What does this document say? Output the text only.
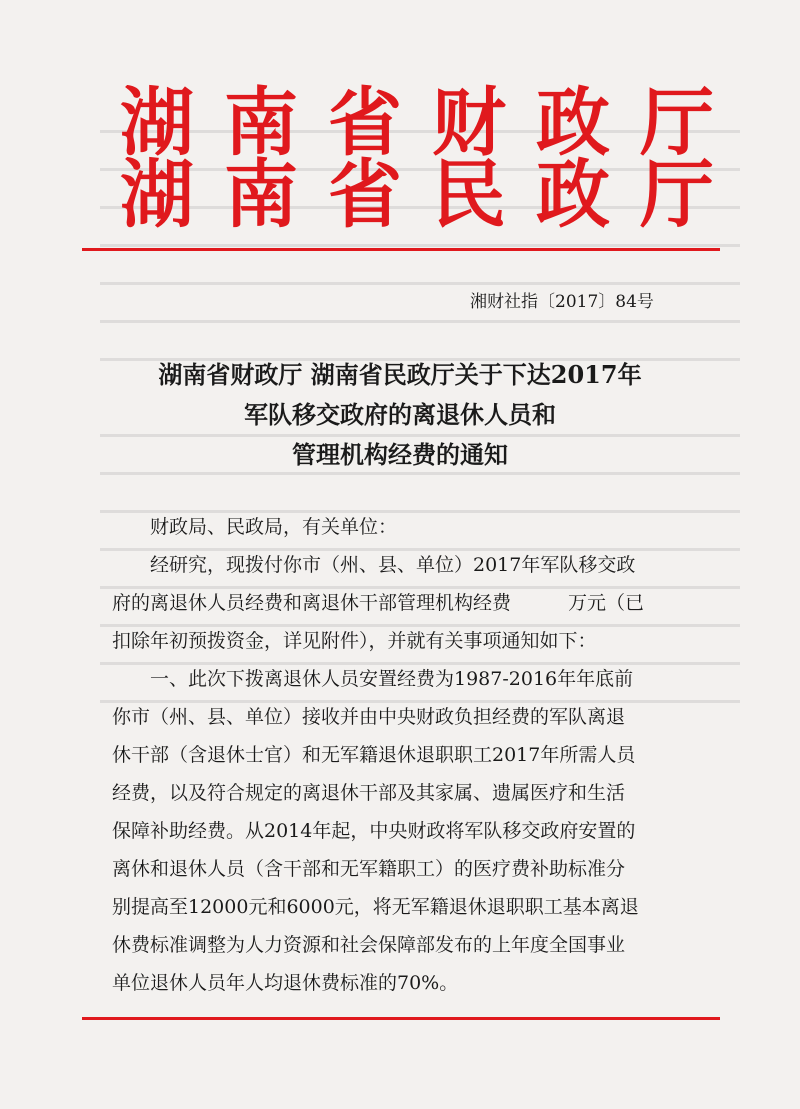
湖南省财政厅
湖南省民政厅
湘财社指〔2017〕84号
湖南省财政厅 湖南省民政厅关于下达2017年
军队移交政府的离退休人员和
管理机构经费的通知
财政局、民政局，有关单位：
　　经研究，现拨付你市（州、县、单位）2017年军队移交政
府的离退休人员经费和离退休干部管理机构经费　　　万元（已
扣除年初预拨资金，详见附件），并就有关事项通知如下：
　　一、此次下拨离退休人员安置经费为1987-2016年年底前
你市（州、县、单位）接收并由中央财政负担经费的军队离退
休干部（含退休士官）和无军籍退休退职职工2017年所需人员
经费，以及符合规定的离退休干部及其家属、遗属医疗和生活
保障补助经费。从2014年起，中央财政将军队移交政府安置的
离休和退休人员（含干部和无军籍职工）的医疗费补助标准分
别提高至12000元和6000元，将无军籍退休退职职工基本离退
休费标准调整为人力资源和社会保障部发布的上年度全国事业
单位退休人员年人均退休费标准的70%。
